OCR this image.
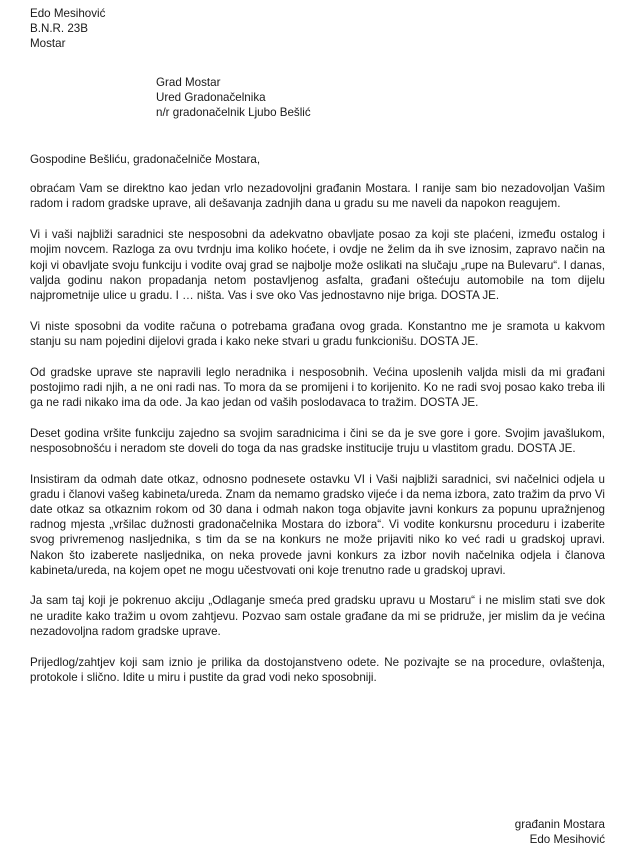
Edo Mesihović
B.N.R. 23B
Mostar
Grad Mostar
Ured Gradonačelnika
n/r gradonačelnik Ljubo Bešlić

Gospodine Bešliću, gradonačelniče Mostara,

obraćam Vam se direktno kao jedan vrlo nezadovoljni građanin Mostara. I ranije sam bio nezadovoljan Vašim radom i radom gradske uprave, ali dešavanja zadnjih dana u gradu su me naveli da napokon reagujem.

Vi i vaši najbliži saradnici ste nesposobni da adekvatno obavljate posao za koji ste plaćeni, između ostalog i mojim novcem. Razloga za ovu tvrdnju ima koliko hoćete, i ovdje ne želim da ih sve iznosim, zapravo način na koji vi obavljate svoju funkciju i vodite ovaj grad se najbolje može oslikati na slučaju „rupe na Bulevaru“. I danas, valjda godinu nakon propadanja netom postavljenog asfalta, građani oštećuju automobile na tom dijelu najprometnije ulice u gradu. I … ništa. Vas i sve oko Vas jednostavno nije briga. DOSTA JE.

Vi niste sposobni da vodite računa o potrebama građana ovog grada. Konstantno me je sramota u kakvom stanju su nam pojedini dijelovi grada i kako neke stvari u gradu funkcionišu. DOSTA JE.

Od gradske uprave ste napravili leglo neradnika i nesposobnih. Većina uposlenih valjda misli da mi građani postojimo radi njih, a ne oni radi nas. To mora da se promijeni i to korijenito. Ko ne radi svoj posao kako treba ili ga ne radi nikako ima da ode. Ja kao jedan od vaših poslodavaca to tražim. DOSTA JE.

Deset godina vršite funkciju zajedno sa svojim saradnicima i čini se da je sve gore i gore. Svojim javašlukom, nesposobnošću i neradom ste doveli do toga da nas gradske institucije truju u vlastitom gradu. DOSTA JE.

Insistiram da odmah date otkaz, odnosno podnesete ostavku VI i Vaši najbliži saradnici, svi načelnici odjela u gradu i članovi vašeg kabineta/ureda. Znam da nemamo gradsko vijeće i da nema izbora, zato tražim da prvo Vi date otkaz sa otkaznim rokom od 30 dana i odmah nakon toga objavite javni konkurs za popunu upražnjenog radnog mjesta „vršilac dužnosti gradonačelnika Mostara do izbora“. Vi vodite konkursnu proceduru i izaberite svog privremenog nasljednika, s tim da se na konkurs ne može prijaviti niko ko već radi u gradskoj upravi. Nakon što izaberete nasljednika, on neka provede javni konkurs za izbor novih načelnika odjela i članova kabineta/ureda, na kojem opet ne mogu učestvovati oni koje trenutno rade u gradskoj upravi.

Ja sam taj koji je pokrenuo akciju „Odlaganje smeća pred gradsku upravu u Mostaru“ i ne mislim stati sve dok ne uradite kako tražim u ovom zahtjevu. Pozvao sam ostale građane da mi se pridruže, jer mislim da je većina nezadovoljna radom gradske uprave.

Prijedlog/zahtjev koji sam iznio je prilika da dostojanstveno odete. Ne pozivajte se na procedure, ovlaštenja, protokole i slično. Idite u miru i pustite da grad vodi neko sposobniji.

građanin Mostara
Edo Mesihović
